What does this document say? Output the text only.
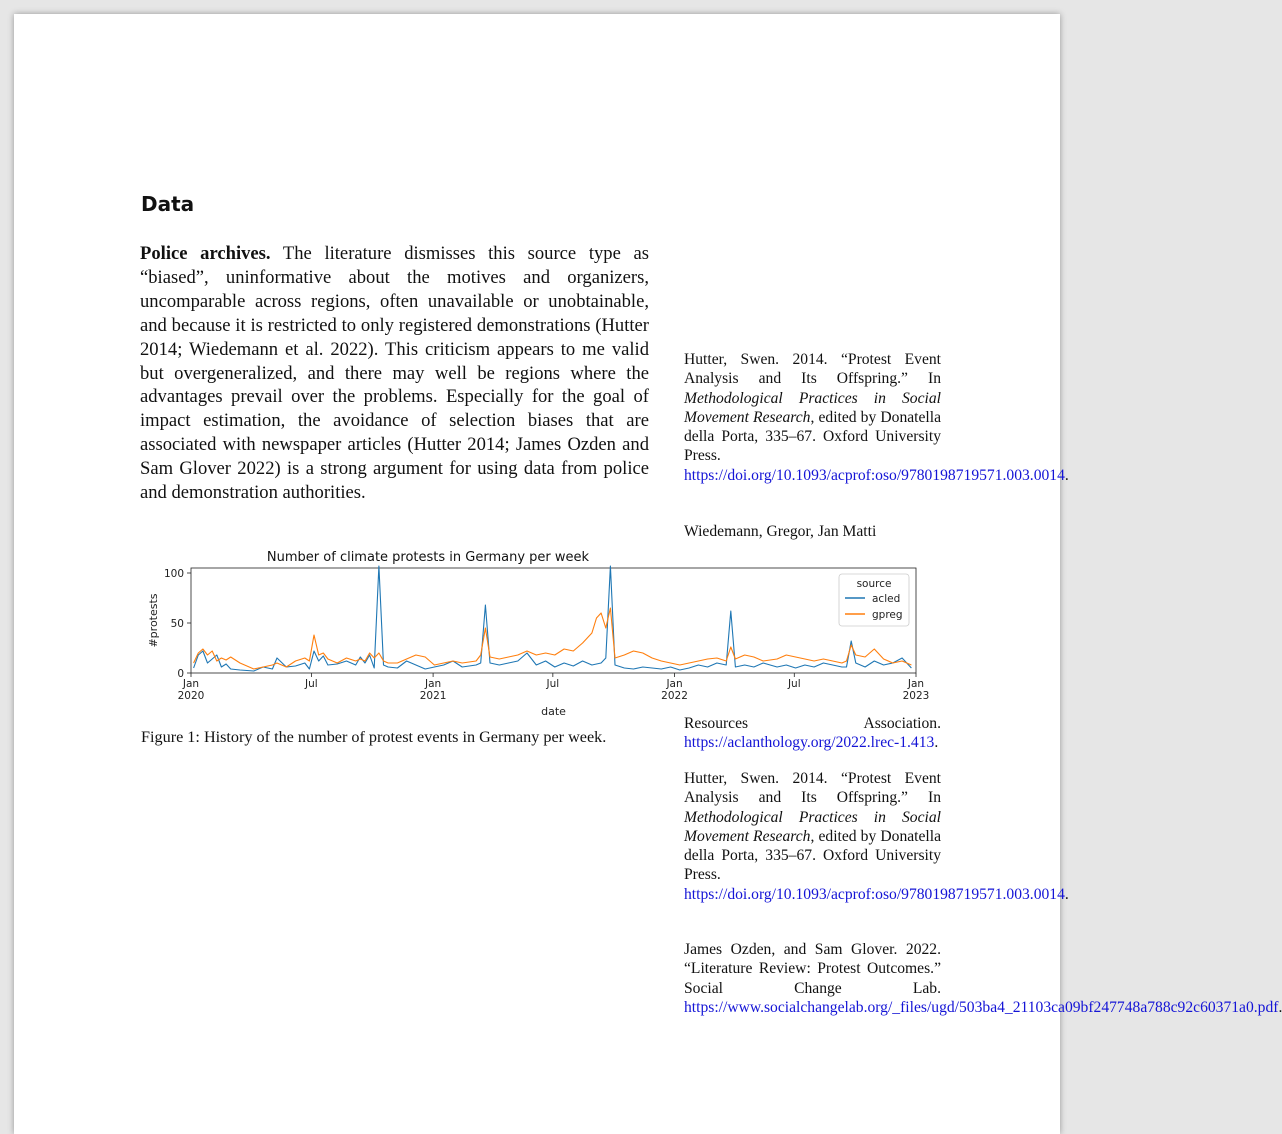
Data

Police archives. The literature dismisses this source type as “biased”, uninformative about the motives and organizers, uncomparable across regions, often unavailable or unobtainable, and because it is restricted to only registered demonstrations (Hutter 2014; Wiedemann et al. 2022). This criticism appears to me valid but overgeneralized, and there may well be regions where the advantages prevail over the problems. Especially for the goal of impact estimation, the avoidance of selection biases that are associated with newspaper articles (Hutter 2014; James Ozden and Sam Glover 2022) is a strong argument for using data from police and demonstration authorities.

Number of climate protests in Germany per week
0
50
100
Jan
2020
Jul	Jan
2021
Jul	Jan
2022
Jul	Jan
2023
date
#protests
source
acled
gpreg

Figure 1: History of the number of protest events in Germany per week.

Hutter, Swen. 2014. “Protest Event Analysis and Its Offspring.” In Methodological Practices in Social Movement Research, edited by Donatella della Porta, 335–67. Oxford University Press. https://doi.org/10.1093/acprof:oso/9780198719571.003.0014.

Wiedemann, Gregor, Jan Matti

Resources Association. https://aclanthology.org/2022.lrec-1.413.

Hutter, Swen. 2014. “Protest Event Analysis and Its Offspring.” In Methodological Practices in Social Movement Research, edited by Donatella della Porta, 335–67. Oxford University Press. https://doi.org/10.1093/acprof:oso/9780198719571.003.0014.

James Ozden, and Sam Glover. 2022. “Literature Review: Protest Outcomes.” Social Change Lab. https://www.socialchangelab.org/_files/ugd/503ba4_21103ca09bf247748a788c92c60371a0.pdf.
